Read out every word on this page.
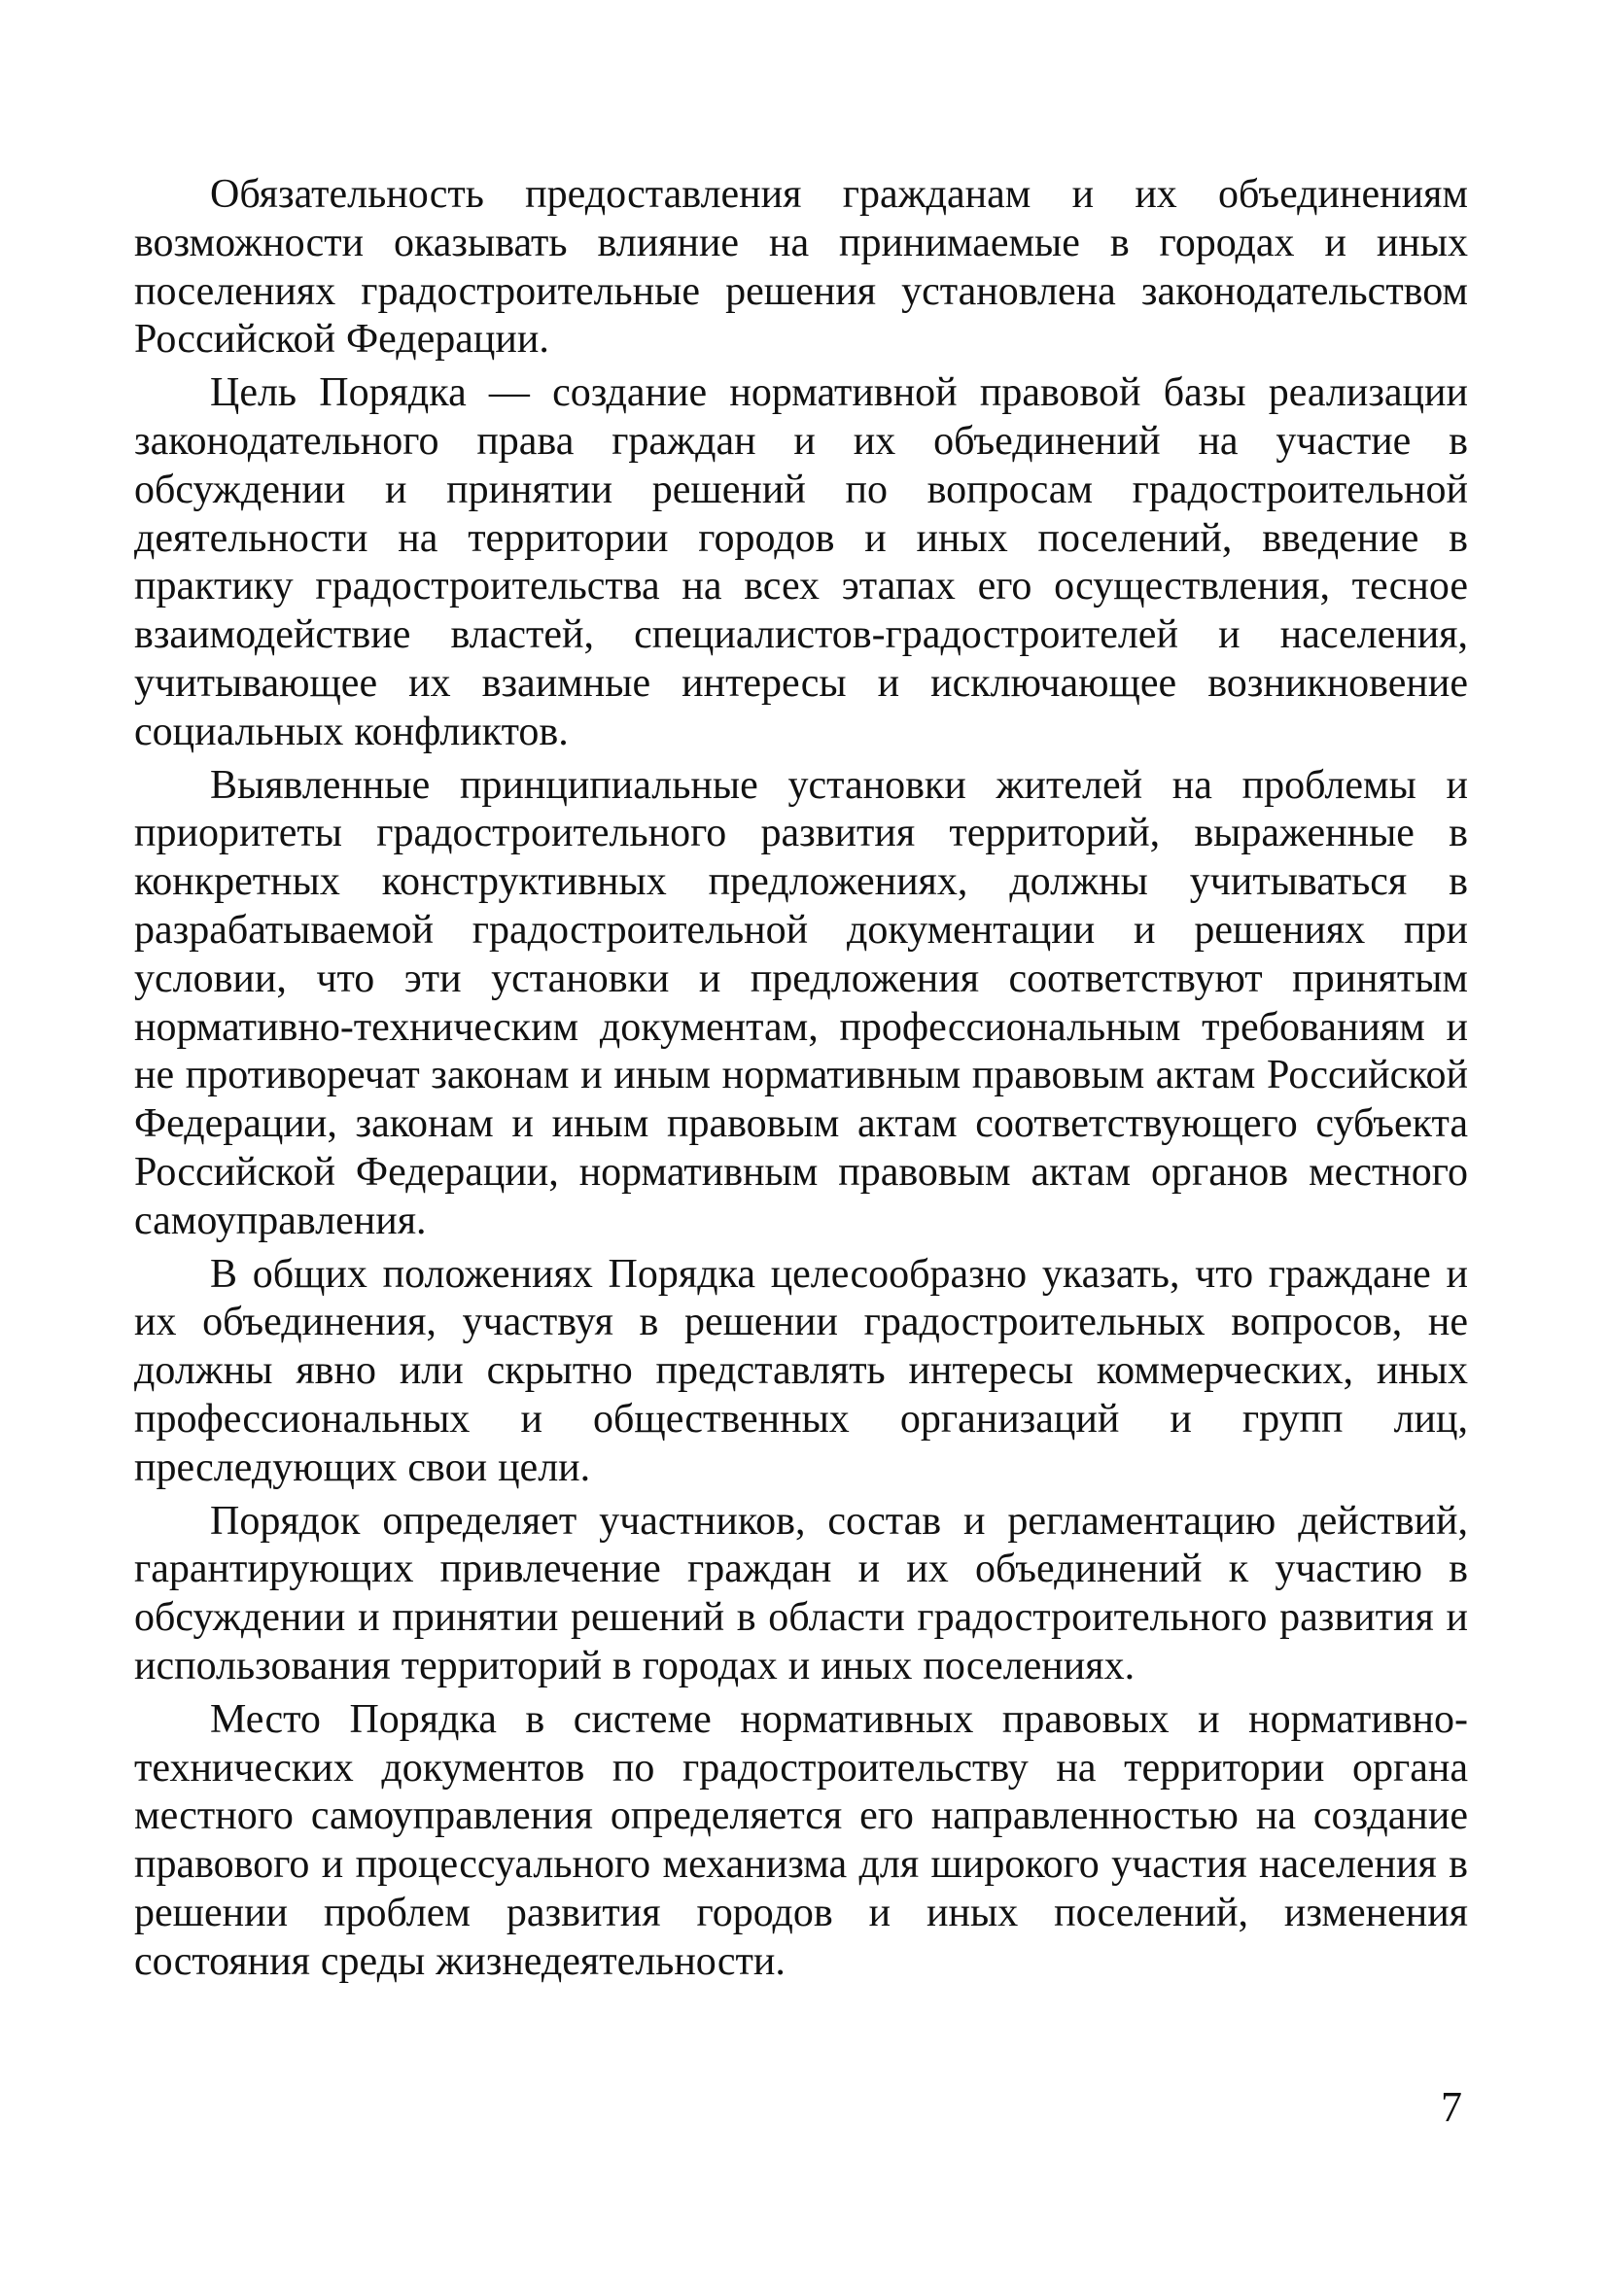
Обязательность предоставления гражданам и их объединениям возможности оказывать влияние на принимаемые в городах и иных поселениях градостроительные решения установлена законодательством Российской Федерации.

Цель Порядка — создание нормативной правовой базы реализации законодательного права граждан и их объединений на участие в обсуждении и принятии решений по вопросам градостроительной деятельности на территории городов и иных поселений, введение в практику градостроительства на всех этапах его осуществления, тесное взаимодействие властей, специалистов-градостроителей и населения, учитывающее их взаимные интересы и исключающее возникновение социальных конфликтов.

Выявленные принципиальные установки жителей на проблемы и приоритеты градостроительного развития территорий, выраженные в конкретных конструктивных предложениях, должны учитываться в разрабатываемой градостроительной документации и решениях при условии, что эти установки и предложения соответствуют принятым нормативно-техническим документам, профессиональным требованиям и не противоречат законам и иным нормативным правовым актам Российской Федерации, законам и иным правовым актам соответствующего субъекта Российской Федерации, нормативным правовым актам органов местного самоуправления.

В общих положениях Порядка целесообразно указать, что граждане и их объединения, участвуя в решении градостроительных вопросов, не должны явно или скрытно представлять интересы коммерческих, иных профессиональных и общественных организаций и групп лиц, преследующих свои цели.

Порядок определяет участников, состав и регламентацию действий, гарантирующих привлечение граждан и их объединений к участию в обсуждении и принятии решений в области градостроительного развития и использования территорий в городах и иных поселениях.

Место Порядка в системе нормативных правовых и нормативно-технических документов по градостроительству на территории органа местного самоуправления определяется его направленностью на создание правового и процессуального механизма для широкого участия населения в решении проблем развития городов и иных поселений, изменения состояния среды жизнедеятельности.

7
